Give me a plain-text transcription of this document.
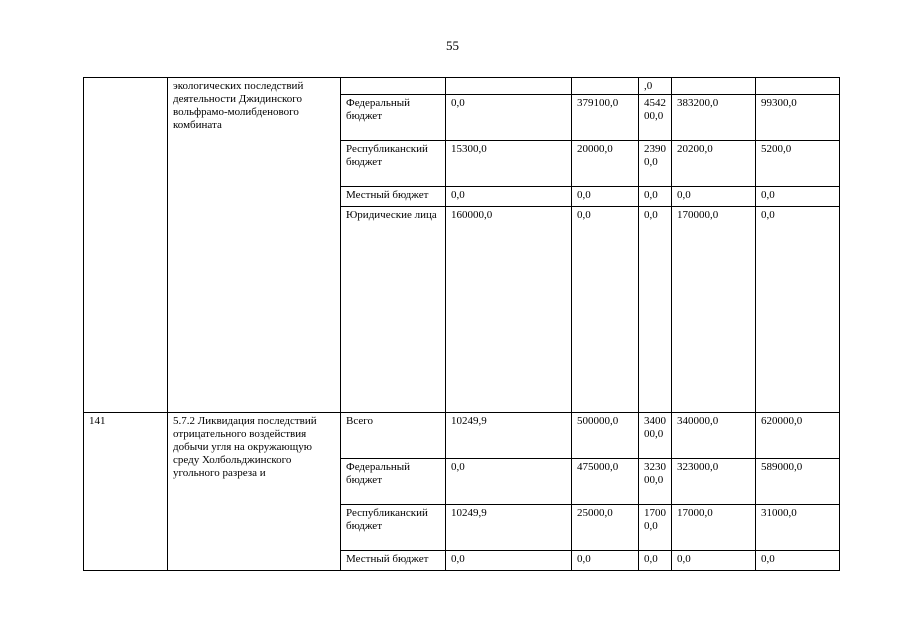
55
	экологических последствий деятельности Джидинского вольфрамо-молибденового комбината				,0		
		Федеральный бюджет	0,0	379100,0	454200,0	383200,0	99300,0
		Республиканский бюджет	15300,0	20000,0	23900,0	20200,0	5200,0
		Местный бюджет	0,0	0,0	0,0	0,0	0,0
		Юридические лица	160000,0	0,0	0,0	170000,0	0,0
141	5.7.2 Ликвидация последствий отрицательного воздействия добычи угля на окружающую среду Холбольджинского угольного разреза и	Всего	10249,9	500000,0	340000,0	340000,0	620000,0
		Федеральный бюджет	0,0	475000,0	323000,0	323000,0	589000,0
		Республиканский бюджет	10249,9	25000,0	17000,0	17000,0	31000,0
		Местный бюджет	0,0	0,0	0,0	0,0	0,0
